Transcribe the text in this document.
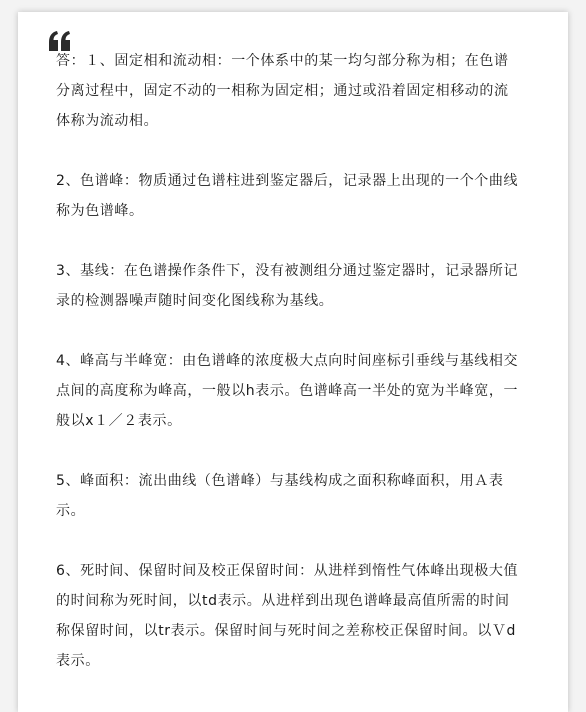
答：１、固定相和流动相：一个体系中的某一均匀部分称为相；在色谱
分离过程中，固定不动的一相称为固定相；通过或沿着固定相移动的流
体称为流动相。
2、色谱峰：物质通过色谱柱进到鉴定器后，记录器上出现的一个个曲线
称为色谱峰。
3、基线：在色谱操作条件下，没有被测组分通过鉴定器时，记录器所记
录的检测器噪声随时间变化图线称为基线。
4、峰高与半峰宽：由色谱峰的浓度极大点向时间座标引垂线与基线相交
点间的高度称为峰高，一般以h表示。色谱峰高一半处的宽为半峰宽，一
般以x１／２表示。
5、峰面积：流出曲线（色谱峰）与基线构成之面积称峰面积，用Ａ表
示。
6、死时间、保留时间及校正保留时间：从进样到惰性气体峰出现极大值
的时间称为死时间，以td表示。从进样到出现色谱峰最高值所需的时间
称保留时间，以tr表示。保留时间与死时间之差称校正保留时间。以Ｖd
表示。
